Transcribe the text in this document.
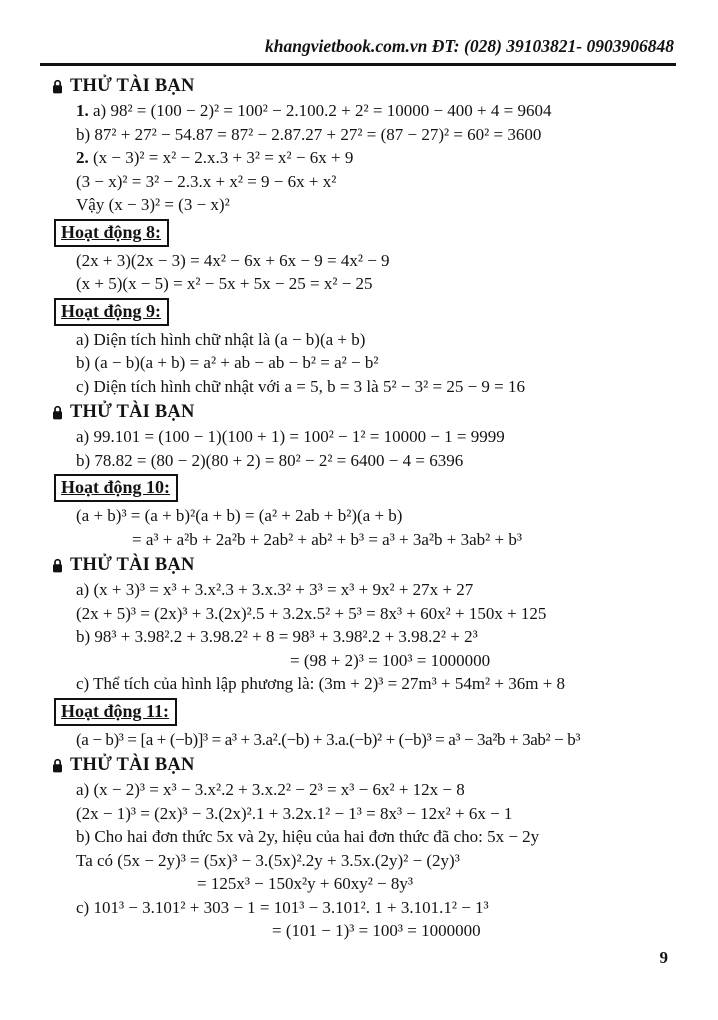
khangvietbook.com.vn ĐT: (028) 39103821- 0903906848
THỬ TÀI BẠN
1. a) 98² = (100 − 2)² = 100² − 2.100.2 + 2² = 10000 − 400 + 4 = 9604
b) 87² + 27² − 54.87 = 87² − 2.87.27 + 27² = (87 − 27)² = 60² = 3600
2. (x − 3)² = x² − 2.x.3 + 3² = x² − 6x + 9
(3 − x)² = 3² − 2.3.x + x² = 9 − 6x + x²
Vậy (x − 3)² = (3 − x)²
Hoạt động 8:
(2x + 3)(2x − 3) = 4x² − 6x + 6x − 9 = 4x² − 9
(x + 5)(x − 5) = x² − 5x + 5x − 25 = x² − 25
Hoạt động 9:
a) Diện tích hình chữ nhật là (a − b)(a + b)
b) (a − b)(a + b) = a² + ab − ab − b² = a² − b²
c) Diện tích hình chữ nhật với a = 5, b = 3 là 5² − 3² = 25 − 9 = 16
THỬ TÀI BẠN
a) 99.101 = (100 − 1)(100 + 1) = 100² − 1² = 10000 − 1 = 9999
b) 78.82 = (80 − 2)(80 + 2) = 80² − 2² = 6400 − 4 = 6396
Hoạt động 10:
(a + b)³ = (a + b)²(a + b) = (a² + 2ab + b²)(a + b)
= a³ + a²b + 2a²b + 2ab² + ab² + b³ = a³ + 3a²b + 3ab² + b³
THỬ TÀI BẠN
a) (x + 3)³ = x³ + 3.x².3 + 3.x.3² + 3³ = x³ + 9x² + 27x + 27
(2x + 5)³ = (2x)³ + 3.(2x)².5 + 3.2x.5² + 5³ = 8x³ + 60x² + 150x + 125
b) 98³ + 3.98².2 + 3.98.2² + 8 = 98³ + 3.98².2 + 3.98.2² + 2³
= (98 + 2)³ = 100³ = 1000000
c) Thể tích của hình lập phương là: (3m + 2)³ = 27m³ + 54m² + 36m + 8
Hoạt động 11:
(a − b)³ = [a + (−b)]³ = a³ + 3.a².(−b) + 3.a.(−b)² + (−b)³ = a³ − 3a²b + 3ab² − b³
THỬ TÀI BẠN
a) (x − 2)³ = x³ − 3.x².2 + 3.x.2² − 2³ = x³ − 6x² + 12x − 8
(2x − 1)³ = (2x)³ − 3.(2x)².1 + 3.2x.1² − 1³ = 8x³ − 12x² + 6x − 1
b) Cho hai đơn thức 5x và 2y, hiệu của hai đơn thức đã cho: 5x − 2y
Ta có (5x − 2y)³ = (5x)³ − 3.(5x)².2y + 3.5x.(2y)² − (2y)³
= 125x³ − 150x²y + 60xy² − 8y³
c) 101³ − 3.101² + 303 − 1 = 101³ − 3.101². 1 + 3.101.1² − 1³
= (101 − 1)³ = 100³ = 1000000
9
